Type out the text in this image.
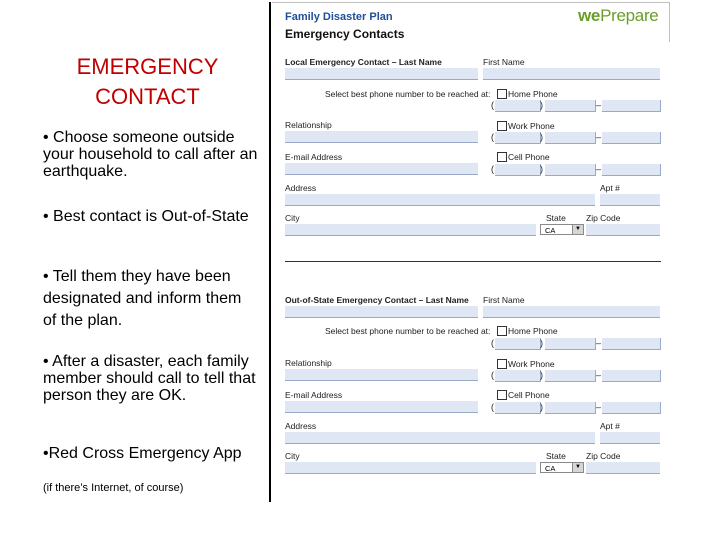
EMERGENCY
CONTACT
• Choose someone outside your household to call after an earthquake.
• Best contact is Out-of-State
• Tell them they have been designated and inform them of the plan.
• After a disaster, each family member should call to tell that person they are OK.
•Red Cross Emergency App
(if there’s Internet, of course)
Family Disaster Plan
Emergency Contacts
wePrepare
Local Emergency Contact – Last Name	First Name
Select best phone number to be reached at: Home Phone
(	)	–
Relationship	Work Phone
(	)	–
E-mail Address	Cell Phone
(	)	–
Address	Apt #
City	State Zip Code
CA	▼
Out-of-State Emergency Contact – Last Name First Name
Select best phone number to be reached at: Home Phone
(	)	–
Relationship	Work Phone
(	)	–
E-mail Address	Cell Phone
(	)	–
Address	Apt #
City	State Zip Code
CA	▼
